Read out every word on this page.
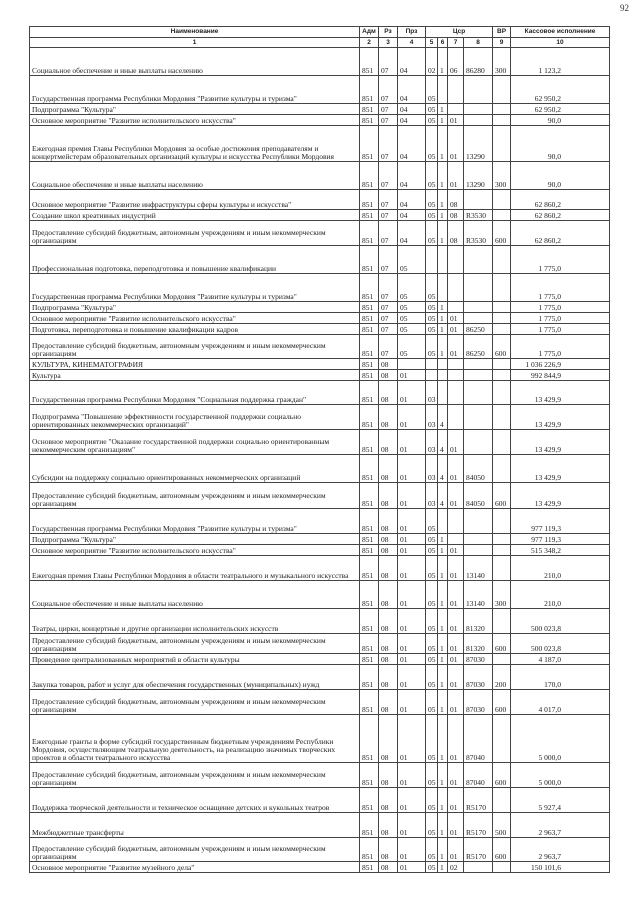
92
Наименование	Адм	Рз	Прз	Цср				ВР	Кассовое исполнение
1	2	3	4	5	6	7	8	9	10
Социальное обеспечение и иные выплаты населению	851	07	04	02	1	06	86280	300	1 123,2
Государственная программа Республики Мордовия "Развитие культуры и туризма"	851	07	04	05					62 950,2
Подпрограмма "Культура"	851	07	04	05	1				62 950,2
Основное мероприятие "Развитие исполнительского искусства"	851	07	04	05	1	01			90,0
Ежегодная премия Главы Республики Мордовия за особые достижения преподавателям и концертмейстерам образовательных организаций культуры и искусства Республики Мордовия	851	07	04	05	1	01	13290		90,0
Социальное обеспечение и иные выплаты населению	851	07	04	05	1	01	13290	300	90,0
Основное мероприятие "Развитие инфраструктуры сферы культуры и искусства"	851	07	04	05	1	08			62 860,2
Создание школ креативных индустрий	851	07	04	05	1	08	R3530		62 860,2
Предоставление субсидий бюджетным, автономным учреждениям и иным некоммерческим организациям	851	07	04	05	1	08	R3530	600	62 860,2
Профессиональная подготовка, переподготовка и повышение квалификации	851	07	05						1 775,0
Государственная программа Республики Мордовия "Развитие культуры и туризма"	851	07	05	05					1 775,0
Подпрограмма "Культура"	851	07	05	05	1				1 775,0
Основное мероприятие "Развитие исполнительского искусства"	851	07	05	05	1	01			1 775,0
Подготовка, переподготовка и повышение квалификации кадров	851	07	05	05	1	01	86250		1 775,0
Предоставление субсидий бюджетным, автономным учреждениям и иным некоммерческим организациям	851	07	05	05	1	01	86250	600	1 775,0
КУЛЬТУРА, КИНЕМАТОГРАФИЯ	851	08							1 036 226,9
Культура	851	08	01						992 844,9
Государственная программа Республики Мордовия "Социальная поддержка граждан"	851	08	01	03					13 429,9
Подпрограмма "Повышение эффективности государственной поддержки социально ориентированных некоммерческих организаций"	851	08	01	03	4				13 429,9
Основное мероприятие "Оказание государственной поддержки социально ориентированным некоммерческим организациям"	851	08	01	03	4	01			13 429,9
Субсидии на поддержку социально ориентированных некоммерческих организаций	851	08	01	03	4	01	84050		13 429,9
Предоставление субсидий бюджетным, автономным учреждениям и иным некоммерческим организациям	851	08	01	03	4	01	84050	600	13 429,9
Государственная программа Республики Мордовия "Развитие культуры и туризма"	851	08	01	05					977 119,3
Подпрограмма "Культура"	851	08	01	05	1				977 119,3
Основное мероприятие "Развитие исполнительского искусства"	851	08	01	05	1	01			515 348,2
Ежегодная премия Главы Республики Мордовия в области театрального и музыкального искусства	851	08	01	05	1	01	13140		210,0
Социальное обеспечение и иные выплаты населению	851	08	01	05	1	01	13140	300	210,0
Театры, цирки, концертные и другие организации исполнительских искусств	851	08	01	05	1	01	81320		500 023,8
Предоставление субсидий бюджетным, автономным учреждениям и иным некоммерческим организациям	851	08	01	05	1	01	81320	600	500 023,8
Проведение централизованных мероприятий в области культуры	851	08	01	05	1	01	87030		4 187,0
Закупка товаров, работ и услуг для обеспечения государственных (муниципальных) нужд	851	08	01	05	1	01	87030	200	170,0
Предоставление субсидий бюджетным, автономным учреждениям и иным некоммерческим организациям	851	08	01	05	1	01	87030	600	4 017,0
Ежегодные гранты в форме субсидий государственным бюджетным учреждениям Республики Мордовия, осуществляющим театральную деятельность, на реализацию значимых творческих проектов в области театрального искусства	851	08	01	05	1	01	87040		5 000,0
Предоставление субсидий бюджетным, автономным учреждениям и иным некоммерческим организациям	851	08	01	05	1	01	87040	600	5 000,0
Поддержка творческой деятельности и техническое оснащение детских и кукольных театров	851	08	01	05	1	01	R5170		5 927,4
Межбюджетные трансферты	851	08	01	05	1	01	R5170	500	2 963,7
Предоставление субсидий бюджетным, автономным учреждениям и иным некоммерческим организациям	851	08	01	05	1	01	R5170	600	2 963,7
Основное мероприятие "Развитие музейного дела"	851	08	01	05	1	02			150 101,6
